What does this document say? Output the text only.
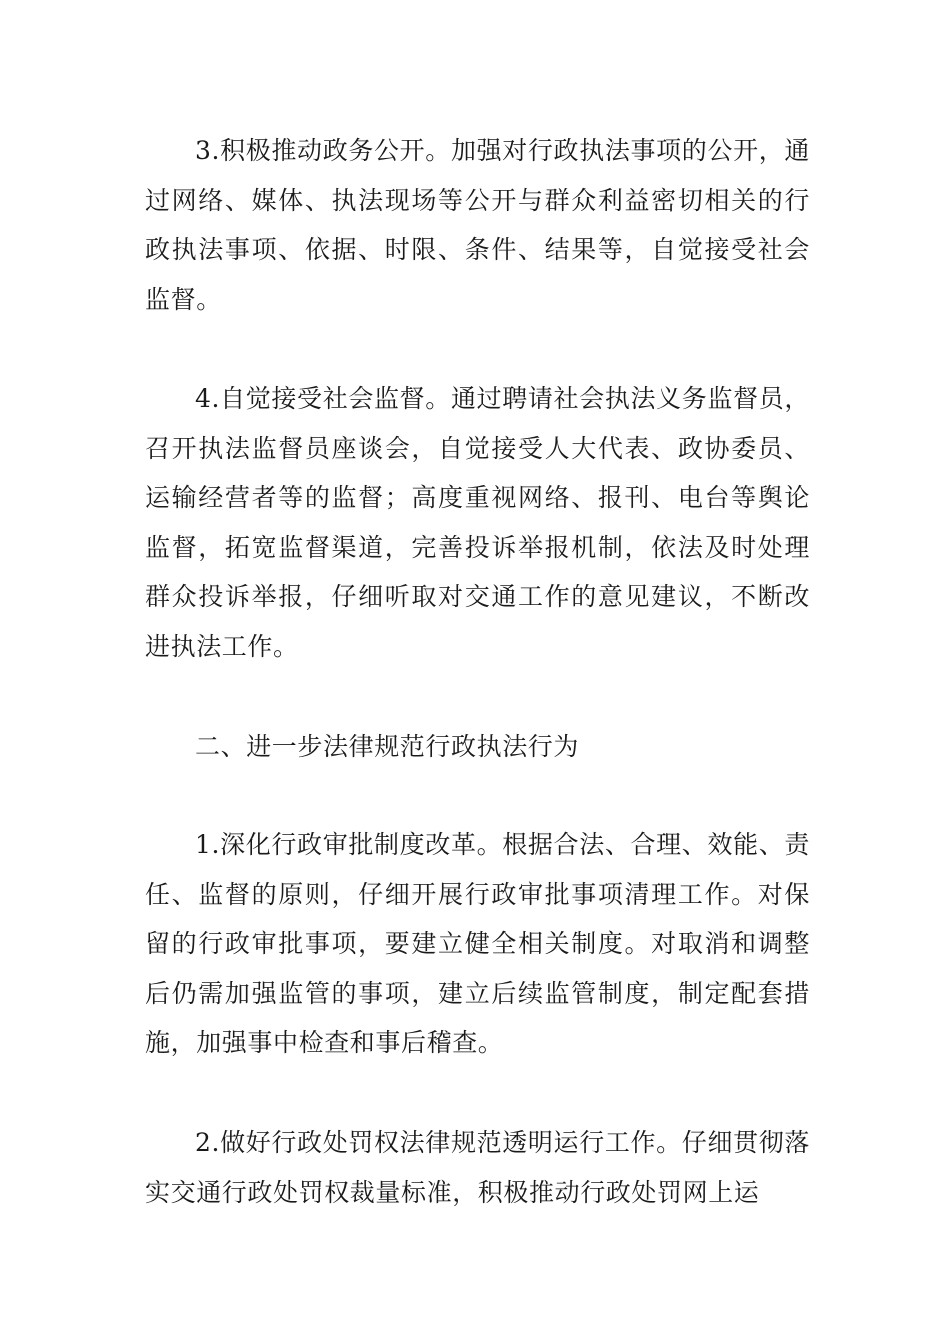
3.积极推动政务公开。加强对行政执法事项的公开，通过网络、媒体、执法现场等公开与群众利益密切相关的行政执法事项、依据、时限、条件、结果等，自觉接受社会监督。

4.自觉接受社会监督。通过聘请社会执法义务监督员，召开执法监督员座谈会，自觉接受人大代表、政协委员、运输经营者等的监督；高度重视网络、报刊、电台等舆论监督，拓宽监督渠道，完善投诉举报机制，依法及时处理群众投诉举报，仔细听取对交通工作的意见建议，不断改进执法工作。

二、进一步法律规范行政执法行为

1.深化行政审批制度改革。根据合法、合理、效能、责任、监督的原则，仔细开展行政审批事项清理工作。对保留的行政审批事项，要建立健全相关制度。对取消和调整后仍需加强监管的事项，建立后续监管制度，制定配套措施，加强事中检查和事后稽查。

2.做好行政处罚权法律规范透明运行工作。仔细贯彻落实交通行政处罚权裁量标准，积极推动行政处罚网上运
